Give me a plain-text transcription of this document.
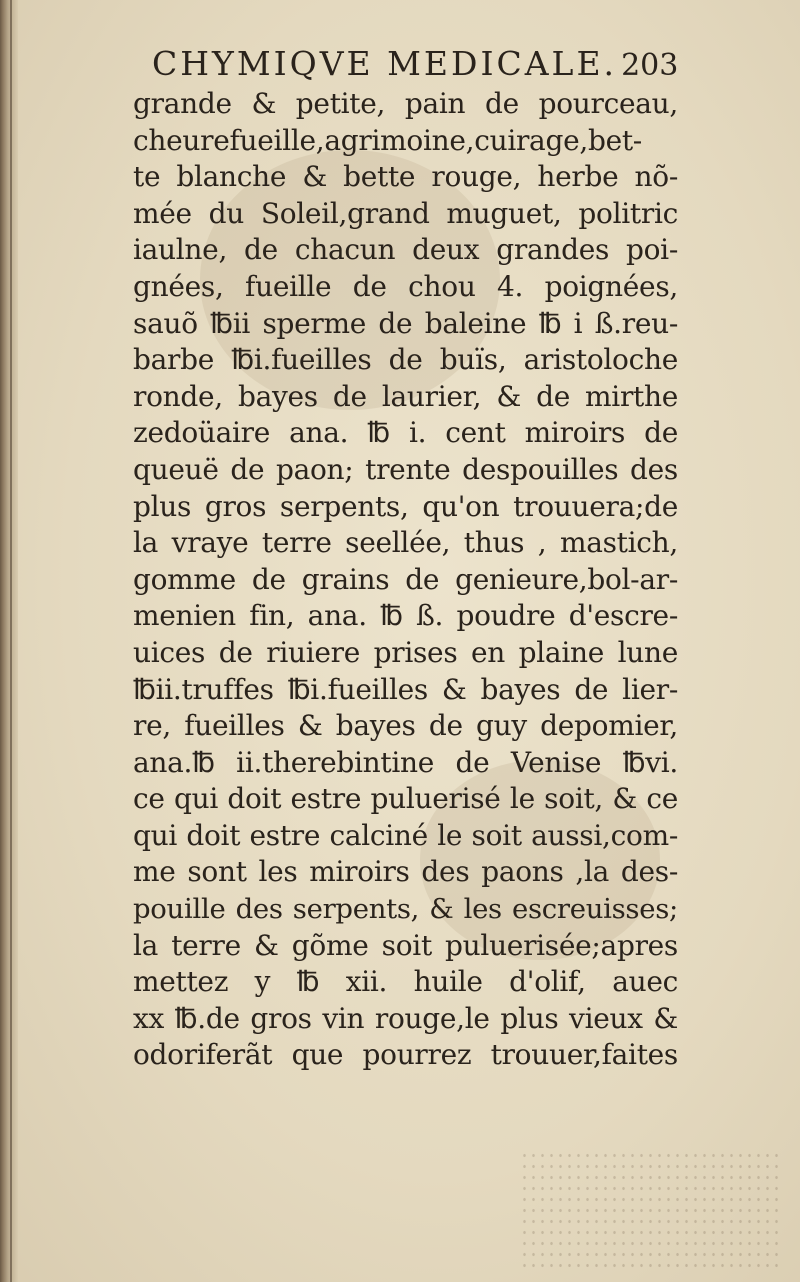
CHYMIQVE MEDICALE. 203
grande & petite, pain de pourceau,
cheurefueille,agrimoine,cuirage,bet-
te blanche & bette rouge, herbe nõ-
mée du Soleil,grand muguet, politric
iaulne, de chacun deux grandes poi-
gnées, fueille de chou 4. poignées,
sauõ ℔ii sperme de baleine ℔ i ß.reu-
barbe ℔i.fueilles de buïs, aristoloche
ronde, bayes de laurier, & de mirthe
zedoüaire ana. ℔ i. cent miroirs de
queuë de paon; trente despouilles des
plus gros serpents, qu'on trouuera;de
la vraye terre seellée, thus , mastich,
gomme de grains de genieure,bol-ar-
menien fin, ana. ℔ ß. poudre d'escre-
uices de riuiere prises en plaine lune
℔ii.truffes ℔i.fueilles & bayes de lier-
re, fueilles & bayes de guy depomier,
ana.℔ ii.therebintine de Venise ℔vi.
ce qui doit estre puluerisé le soit, & ce
qui doit estre calciné le soit aussi,com-
me sont les miroirs des paons ,la des-
pouille des serpents, & les escreuisses;
la terre & gõme soit puluerisée;apres
mettez y ℔ xii. huile d'olif, auec
xx ℔.de gros vin rouge,le plus vieux &
odoriferãt que pourrez trouuer,faites
